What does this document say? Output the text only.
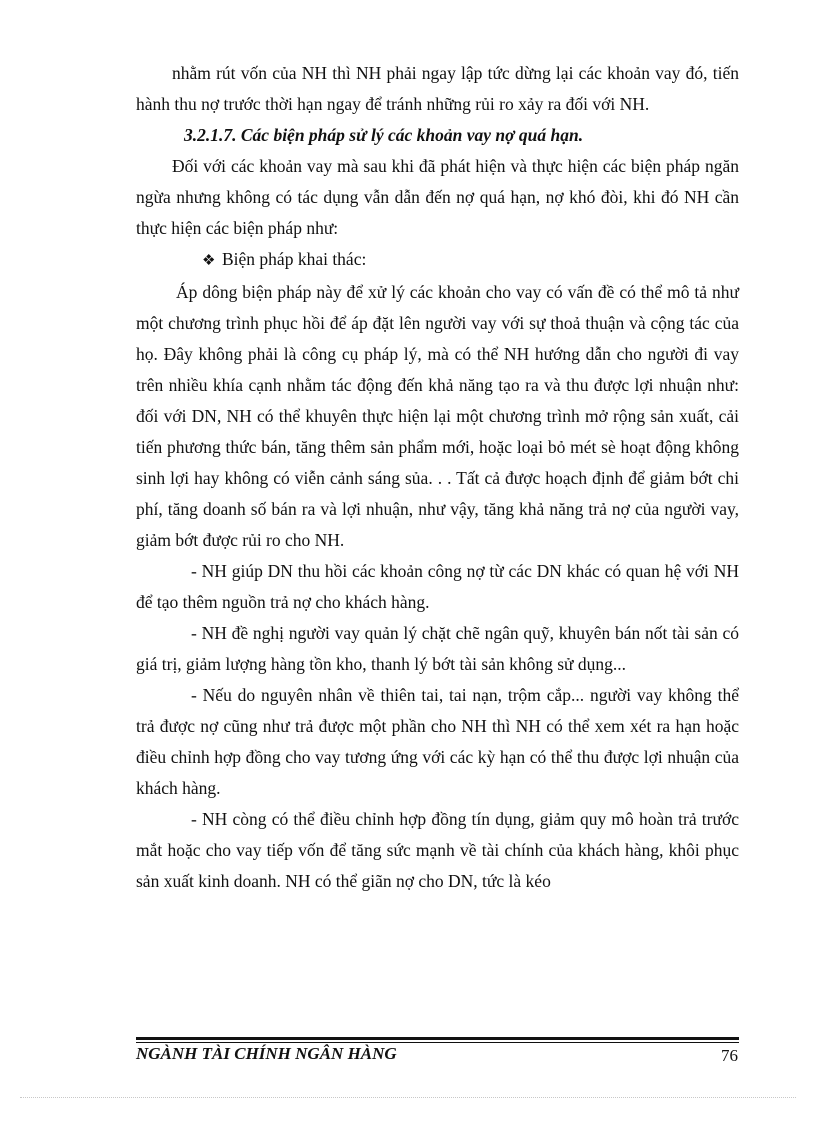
nhằm rút vốn của NH thì NH phải ngay lập tức dừng lại các khoản vay đó, tiến hành thu nợ trước thời hạn ngay để tránh những rủi ro xảy ra đối với NH.

3.2.1.7. Các biện pháp sử lý các khoản vay nợ quá hạn.

Đối với các khoản vay mà sau khi đã phát hiện và thực hiện các biện pháp ngăn ngừa nhưng không có tác dụng vẫn dẫn đến nợ quá hạn, nợ khó đòi, khi đó NH cần thực hiện các biện pháp như:

❖ Biện pháp khai thác:

Áp dông biện pháp này để xử lý các khoản cho vay có vấn đề có thể mô tả như một chương trình phục hồi để áp đặt lên người vay với sự thoả thuận và cộng tác của họ. Đây không phải là công cụ pháp lý, mà có thể NH hướng dẫn cho người đi vay trên nhiều khía cạnh nhằm tác động đến khả năng tạo ra và thu được lợi nhuận như: đối với DN, NH có thể khuyên thực hiện lại một chương trình mở rộng sản xuất, cải tiến phương thức bán, tăng thêm sản phẩm mới, hoặc loại bỏ mét sè hoạt động không sinh lợi hay không có viễn cảnh sáng sủa. . . Tất cả được hoạch định để giảm bớt chi phí, tăng doanh số bán ra và lợi nhuận, như vậy, tăng khả năng trả nợ của người vay, giảm bớt được rủi ro cho NH.

- NH giúp DN thu hồi các khoản công nợ từ các DN khác có quan hệ với NH để tạo thêm nguồn trả nợ cho khách hàng.

- NH đề nghị người vay quản lý chặt chẽ ngân quỹ, khuyên bán nốt tài sản có giá trị, giảm lượng hàng tồn kho, thanh lý bớt tài sản không sử dụng...

- Nếu do nguyên nhân về thiên tai, tai nạn, trộm cắp... người vay không thể trả được nợ cũng như trả được một phần cho NH thì NH có thể xem xét ra hạn hoặc điều chỉnh hợp đồng cho vay tương ứng với các kỳ hạn có thể thu được lợi nhuận của khách hàng.

- NH còng có thể điều chỉnh hợp đồng tín dụng, giảm quy mô hoàn trả trước mắt hoặc cho vay tiếp vốn để tăng sức mạnh về tài chính của khách hàng, khôi phục sản xuất kinh doanh. NH có thể giãn nợ cho DN, tức là kéo

NGÀNH TÀI CHÍNH NGÂN HÀNG	76
